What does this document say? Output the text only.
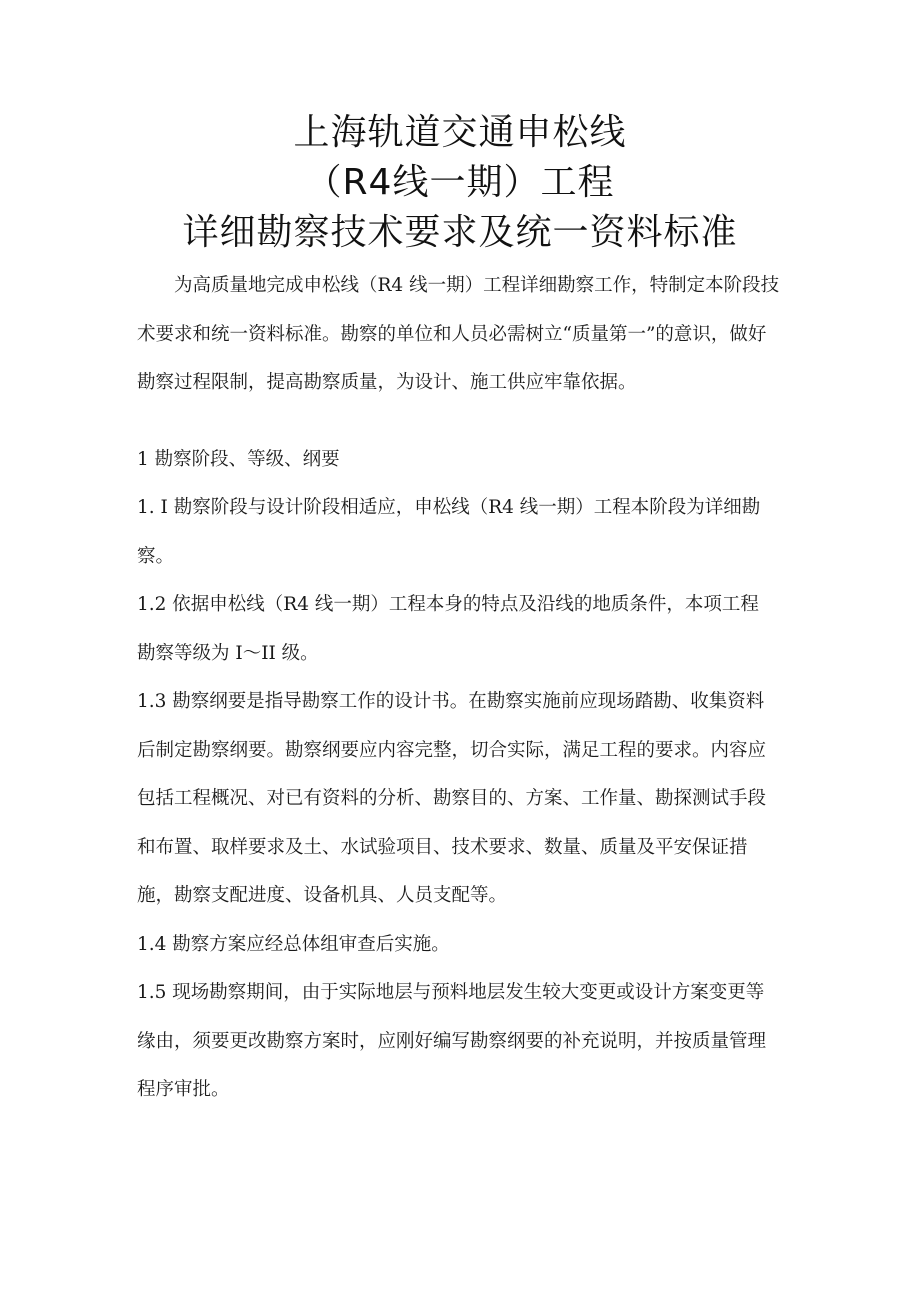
上海轨道交通申松线
（R4线一期）工程
详细勘察技术要求及统一资料标准

　　为高质量地完成申松线（R4 线一期）工程详细勘察工作，特制定本阶段技

术要求和统一资料标准。勘察的单位和人员必需树立“质量第一”的意识，做好

勘察过程限制，提高勘察质量，为设计、施工供应牢靠依据。

1 勘察阶段、等级、纲要

1. I 勘察阶段与设计阶段相适应，申松线（R4 线一期）工程本阶段为详细勘

察。

1.2 依据申松线（R4 线一期）工程本身的特点及沿线的地质条件，本项工程

勘察等级为 I〜II 级。

1.3 勘察纲要是指导勘察工作的设计书。在勘察实施前应现场踏勘、收集资料

后制定勘察纲要。勘察纲要应内容完整，切合实际，满足工程的要求。内容应

包括工程概况、对已有资料的分析、勘察目的、方案、工作量、勘探测试手段

和布置、取样要求及土、水试验项目、技术要求、数量、质量及平安保证措

施，勘察支配进度、设备机具、人员支配等。

1.4 勘察方案应经总体组审查后实施。

1.5 现场勘察期间，由于实际地层与预料地层发生较大变更或设计方案变更等

缘由，须要更改勘察方案时，应刚好编写勘察纲要的补充说明，并按质量管理

程序审批。
